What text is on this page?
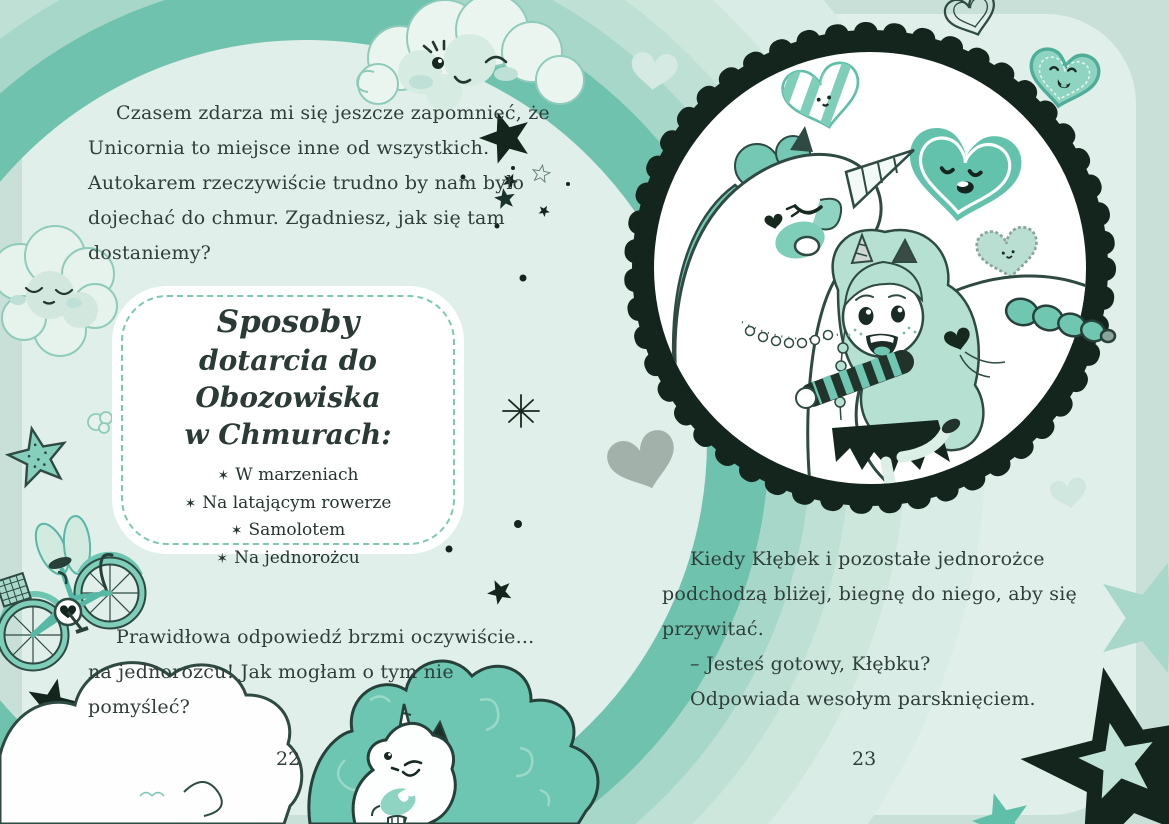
Czasem zdarza mi się jeszcze zapomnieć, że
Unicornia to miejsce inne od wszystkich.
Autokarem rzeczywiście trudno by nam było
dojechać do chmur. Zgadniesz, jak się tam
dostaniemy?
Sposoby
dotarcia do Obozowiska
w Chmurach:
✶ W marzeniach
✶ Na latającym rowerze
✶ Samolotem
✶ Na jednorożcu
Prawidłowa odpowiedź brzmi oczywiście...
na jednorożcu! Jak mogłam o tym nie
pomyśleć?
22
Kiedy Kłębek i pozostałe jednorożce
podchodzą bliżej, biegnę do niego, aby się
przywitać.
– Jesteś gotowy, Kłębku?
Odpowiada wesołym parsknięciem.
23
